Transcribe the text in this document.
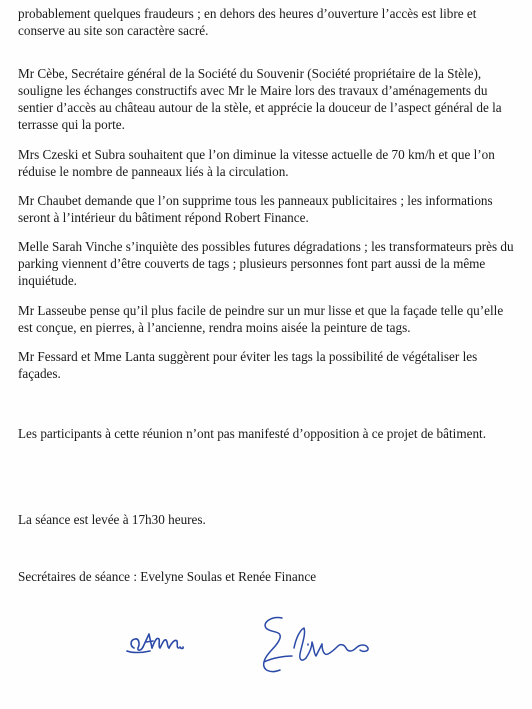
probablement quelques fraudeurs ; en dehors des heures d’ouverture l’accès est libre et
conserve au site son caractère sacré.
Mr Cèbe, Secrétaire général de la Société du Souvenir (Société propriétaire de la Stèle),
souligne les échanges constructifs avec Mr le Maire lors des travaux d’aménagements du
sentier d’accès au château autour de la stèle, et apprécie la douceur de l’aspect général de la
terrasse qui la porte.
Mrs Czeski et Subra souhaitent que l’on diminue la vitesse actuelle de 70 km/h et que l’on
réduise le nombre de panneaux liés à la circulation.
Mr Chaubet demande que l’on supprime tous les panneaux publicitaires ; les informations
seront à l’intérieur du bâtiment répond Robert Finance.
Melle Sarah Vinche s’inquiète des possibles futures dégradations ; les transformateurs près du
parking viennent d’être couverts de tags ; plusieurs personnes font part aussi de la même
inquiétude.
Mr Lasseube pense qu’il plus facile de peindre sur un mur lisse et que la façade telle qu’elle
est conçue, en pierres, à l’ancienne, rendra moins aisée la peinture de tags.
Mr Fessard et Mme Lanta suggèrent pour éviter les tags la possibilité de végétaliser les
façades.
Les participants à cette réunion n’ont pas manifesté d’opposition à ce projet de bâtiment.
La séance est levée à 17h30 heures.
Secrétaires de séance : Evelyne Soulas et Renée Finance
